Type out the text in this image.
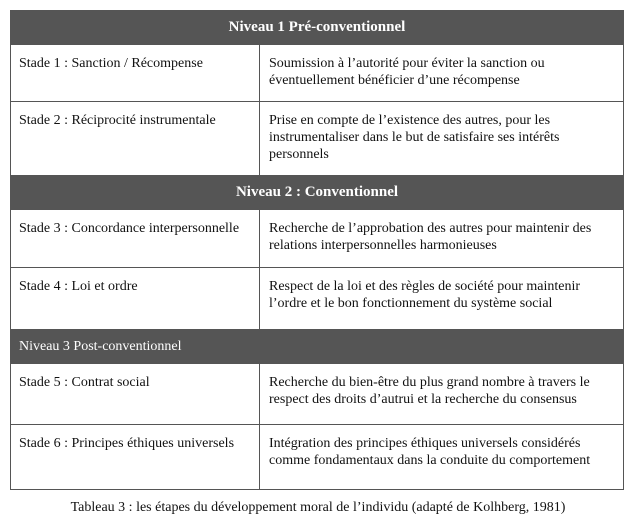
Niveau 1 Pré-conventionnel
Stade 1 : Sanction / Récompense	Soumission à l’autorité pour éviter la sanction ou éventuellement bénéficier d’une récompense
Stade 2 : Réciprocité instrumentale	Prise en compte de l’existence des autres, pour les instrumentaliser dans le but de satisfaire ses intérêts personnels
Niveau 2 : Conventionnel
Stade 3 : Concordance interpersonnelle	Recherche de l’approbation des autres pour maintenir des relations interpersonnelles harmonieuses
Stade 4 : Loi et ordre	Respect de la loi et des règles de société pour maintenir l’ordre et le bon fonctionnement du système social
Niveau 3 Post-conventionnel
Stade 5 : Contrat social	Recherche du bien-être du plus grand nombre à travers le respect des droits d’autrui et la recherche du consensus
Stade 6 : Principes éthiques universels	Intégration des principes éthiques universels considérés comme fondamentaux dans la conduite du comportement
Tableau 3 : les étapes du développement moral de l’individu (adapté de Kolhberg, 1981)
